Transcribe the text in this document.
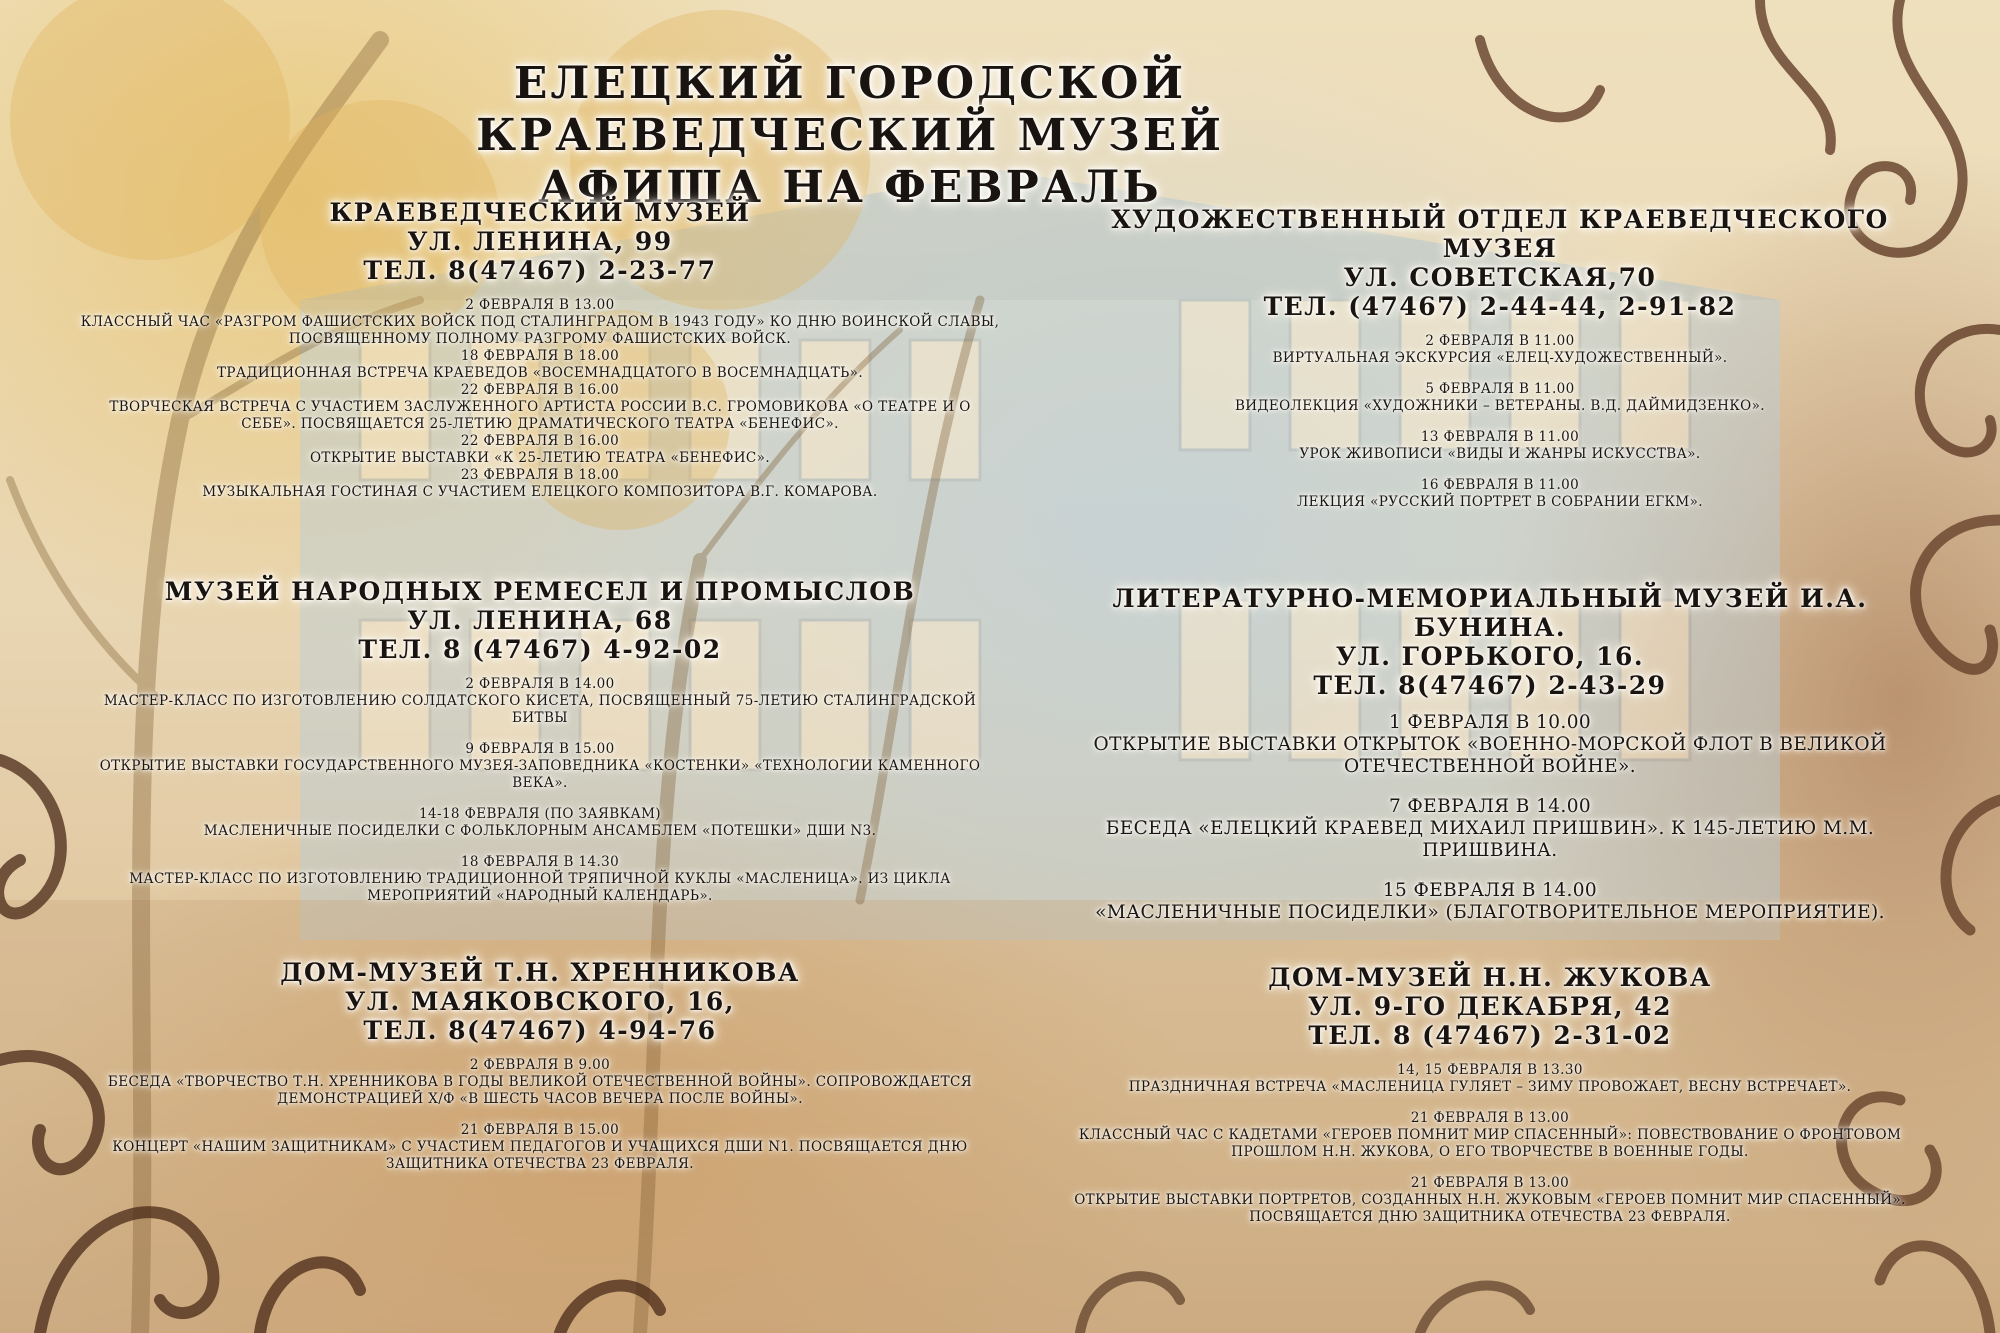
ЕЛЕЦКИЙ ГОРОДСКОЙ КРАЕВЕДЧЕСКИЙ МУЗЕЙ
АФИША НА ФЕВРАЛЬ
КРАЕВЕДЧЕСКИЙ МУЗЕЙ
УЛ. ЛЕНИНА, 99
ТЕЛ. 8(47467) 2-23-77
2 ФЕВРАЛЯ В 13.00
КЛАССНЫЙ ЧАС «РАЗГРОМ ФАШИСТСКИХ ВОЙСК ПОД СТАЛИНГРАДОМ В 1943 ГОДУ» КО ДНЮ ВОИНСКОЙ СЛАВЫ, ПОСВЯЩЕННОМУ ПОЛНОМУ РАЗГРОМУ ФАШИСТСКИХ ВОЙСК.
18 ФЕВРАЛЯ В 18.00
ТРАДИЦИОННАЯ ВСТРЕЧА КРАЕВЕДОВ «ВОСЕМНАДЦАТОГО В ВОСЕМНАДЦАТЬ».
22 ФЕВРАЛЯ В 16.00
ТВОРЧЕСКАЯ ВСТРЕЧА С УЧАСТИЕМ ЗАСЛУЖЕННОГО АРТИСТА РОССИИ В.С. ГРОМОВИКОВА «О ТЕАТРЕ И О СЕБЕ». ПОСВЯЩАЕТСЯ 25-ЛЕТИЮ ДРАМАТИЧЕСКОГО ТЕАТРА «БЕНЕФИС».
22 ФЕВРАЛЯ В 16.00
ОТКРЫТИЕ ВЫСТАВКИ «К 25-ЛЕТИЮ ТЕАТРА «БЕНЕФИС».
23 ФЕВРАЛЯ В 18.00
МУЗЫКАЛЬНАЯ ГОСТИНАЯ С УЧАСТИЕМ ЕЛЕЦКОГО КОМПОЗИТОРА В.Г. КОМАРОВА.
ХУДОЖЕСТВЕННЫЙ ОТДЕЛ КРАЕВЕДЧЕСКОГО МУЗЕЯ
УЛ. СОВЕТСКАЯ,70
ТЕЛ. (47467) 2-44-44, 2-91-82
2 ФЕВРАЛЯ В 11.00
ВИРТУАЛЬНАЯ ЭКСКУРСИЯ «ЕЛЕЦ-ХУДОЖЕСТВЕННЫЙ».
5 ФЕВРАЛЯ В 11.00
ВИДЕОЛЕКЦИЯ «ХУДОЖНИКИ – ВЕТЕРАНЫ. В.Д. ДАЙМИДЗЕНКО».
13 ФЕВРАЛЯ В 11.00
УРОК ЖИВОПИСИ «ВИДЫ И ЖАНРЫ ИСКУССТВА».
16 ФЕВРАЛЯ В 11.00
ЛЕКЦИЯ «РУССКИЙ ПОРТРЕТ В СОБРАНИИ ЕГКМ».
МУЗЕЙ НАРОДНЫХ РЕМЕСЕЛ И ПРОМЫСЛОВ
УЛ. ЛЕНИНА, 68
ТЕЛ. 8 (47467) 4-92-02
2 ФЕВРАЛЯ В 14.00
МАСТЕР-КЛАСС ПО ИЗГОТОВЛЕНИЮ СОЛДАТСКОГО КИСЕТА, ПОСВЯЩЕННЫЙ 75-ЛЕТИЮ СТАЛИНГРАДСКОЙ БИТВЫ
9 ФЕВРАЛЯ В 15.00
ОТКРЫТИЕ ВЫСТАВКИ ГОСУДАРСТВЕННОГО МУЗЕЯ-ЗАПОВЕДНИКА «КОСТЕНКИ» «ТЕХНОЛОГИИ КАМЕННОГО ВЕКА».
14-18 ФЕВРАЛЯ (ПО ЗАЯВКАМ)
МАСЛЕНИЧНЫЕ ПОСИДЕЛКИ С ФОЛЬКЛОРНЫМ АНСАМБЛЕМ «ПОТЕШКИ» ДШИ N3.
18 ФЕВРАЛЯ В 14.30
МАСТЕР-КЛАСС ПО ИЗГОТОВЛЕНИЮ ТРАДИЦИОННОЙ ТРЯПИЧНОЙ КУКЛЫ «МАСЛЕНИЦА». ИЗ ЦИКЛА МЕРОПРИЯТИЙ «НАРОДНЫЙ КАЛЕНДАРЬ».
ЛИТЕРАТУРНО-МЕМОРИАЛЬНЫЙ МУЗЕЙ И.А. БУНИНА.
УЛ. ГОРЬКОГО, 16.
ТЕЛ. 8(47467) 2-43-29
1 ФЕВРАЛЯ В 10.00
ОТКРЫТИЕ ВЫСТАВКИ ОТКРЫТОК «ВОЕННО-МОРСКОЙ ФЛОТ В ВЕЛИКОЙ ОТЕЧЕСТВЕННОЙ ВОЙНЕ».
7 ФЕВРАЛЯ В 14.00
БЕСЕДА «ЕЛЕЦКИЙ КРАЕВЕД МИХАИЛ ПРИШВИН». К 145-ЛЕТИЮ М.М. ПРИШВИНА.
15 ФЕВРАЛЯ В 14.00
«МАСЛЕНИЧНЫЕ ПОСИДЕЛКИ» (БЛАГОТВОРИТЕЛЬНОЕ МЕРОПРИЯТИЕ).
ДОМ-МУЗЕЙ Т.Н. ХРЕННИКОВА
УЛ. МАЯКОВСКОГО, 16,
ТЕЛ. 8(47467) 4-94-76
2 ФЕВРАЛЯ В 9.00
БЕСЕДА «ТВОРЧЕСТВО Т.Н. ХРЕННИКОВА В ГОДЫ ВЕЛИКОЙ ОТЕЧЕСТВЕННОЙ ВОЙНЫ». СОПРОВОЖДАЕТСЯ ДЕМОНСТРАЦИЕЙ Х/Ф «В ШЕСТЬ ЧАСОВ ВЕЧЕРА ПОСЛЕ ВОЙНЫ».
21 ФЕВРАЛЯ В 15.00
КОНЦЕРТ «НАШИМ ЗАЩИТНИКАМ» С УЧАСТИЕМ ПЕДАГОГОВ И УЧАЩИХСЯ ДШИ N1. ПОСВЯЩАЕТСЯ ДНЮ ЗАЩИТНИКА ОТЕЧЕСТВА 23 ФЕВРАЛЯ.
ДОМ-МУЗЕЙ Н.Н. ЖУКОВА
УЛ. 9-ГО ДЕКАБРЯ, 42
ТЕЛ. 8 (47467) 2-31-02
14, 15 ФЕВРАЛЯ В 13.30
ПРАЗДНИЧНАЯ ВСТРЕЧА «МАСЛЕНИЦА ГУЛЯЕТ – ЗИМУ ПРОВОЖАЕТ, ВЕСНУ ВСТРЕЧАЕТ».
21 ФЕВРАЛЯ В 13.00
КЛАССНЫЙ ЧАС С КАДЕТАМИ «ГЕРОЕВ ПОМНИТ МИР СПАСЕННЫЙ»: ПОВЕСТВОВАНИЕ О ФРОНТОВОМ ПРОШЛОМ Н.Н. ЖУКОВА, О ЕГО ТВОРЧЕСТВЕ В ВОЕННЫЕ ГОДЫ.
21 ФЕВРАЛЯ В 13.00
ОТКРЫТИЕ ВЫСТАВКИ ПОРТРЕТОВ, СОЗДАННЫХ Н.Н. ЖУКОВЫМ «ГЕРОЕВ ПОМНИТ МИР СПАСЕННЫЙ». ПОСВЯЩАЕТСЯ ДНЮ ЗАЩИТНИКА ОТЕЧЕСТВА 23 ФЕВРАЛЯ.
